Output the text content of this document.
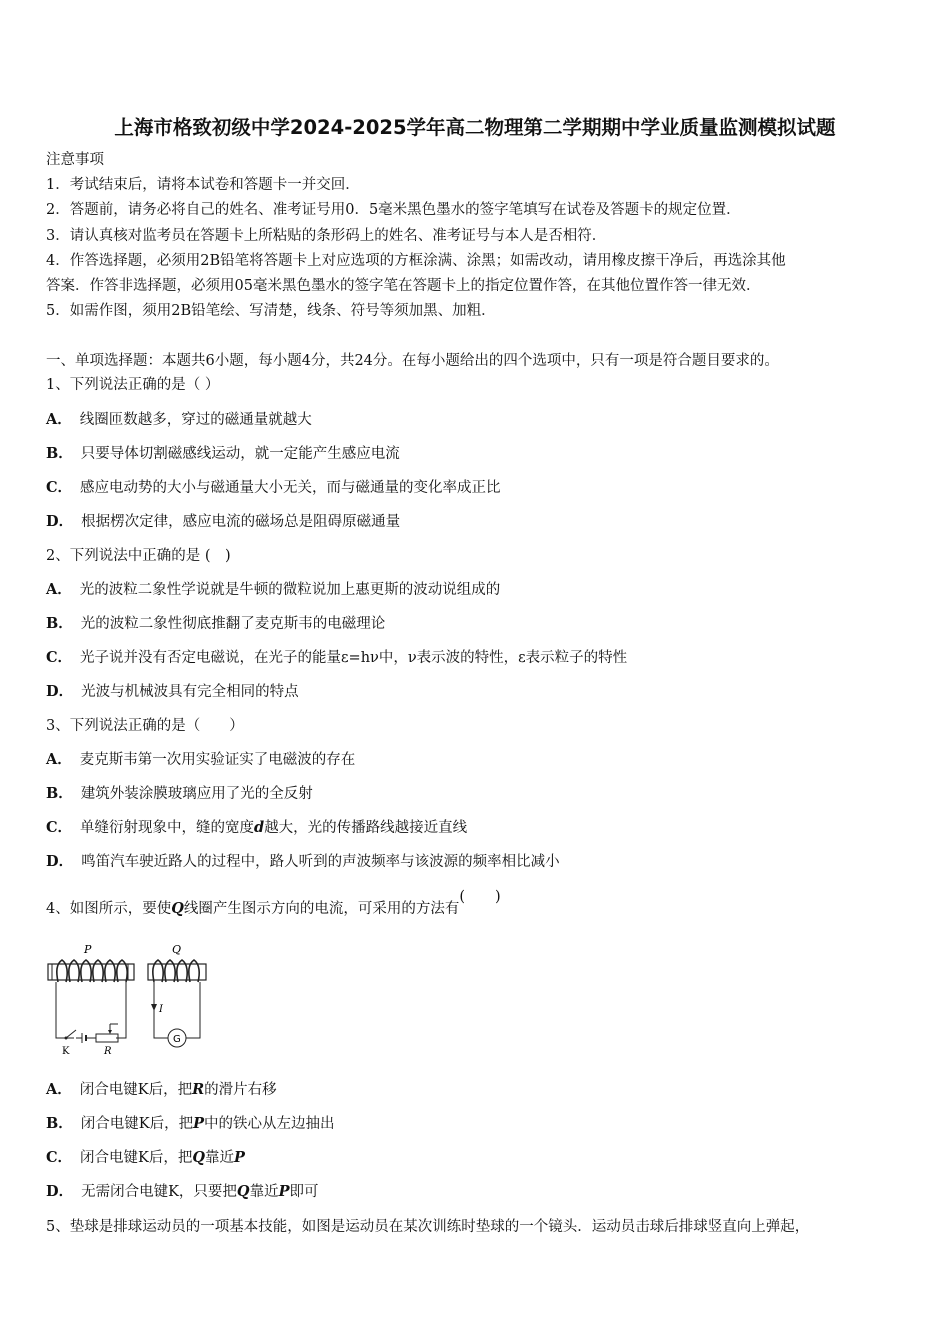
上海市格致初级中学2024-2025学年高二物理第二学期期中学业质量监测模拟试题
注意事项
1．考试结束后，请将本试卷和答题卡一并交回．
2．答题前，请务必将自己的姓名、准考证号用0．5毫米黑色墨水的签字笔填写在试卷及答题卡的规定位置．
3．请认真核对监考员在答题卡上所粘贴的条形码上的姓名、准考证号与本人是否相符．
4．作答选择题，必须用2B铅笔将答题卡上对应选项的方框涂满、涂黑；如需改动，请用橡皮擦干净后，再选涂其他
答案．作答非选择题，必须用05毫米黑色墨水的签字笔在答题卡上的指定位置作答，在其他位置作答一律无效．
5．如需作图，须用2B铅笔绘、写清楚，线条、符号等须加黑、加粗．
一、单项选择题：本题共6小题，每小题4分，共24分。在每小题给出的四个选项中，只有一项是符合题目要求的。
1、下列说法正确的是（ ）
A． 线圈匝数越多，穿过的磁通量就越大
B． 只要导体切割磁感线运动，就一定能产生感应电流
C． 感应电动势的大小与磁通量大小无关，而与磁通量的变化率成正比
D． 根据楞次定律，感应电流的磁场总是阻碍原磁通量
2、下列说法中正确的是 (　)
A． 光的波粒二象性学说就是牛顿的微粒说加上惠更斯的波动说组成的
B． 光的波粒二象性彻底推翻了麦克斯韦的电磁理论
C． 光子说并没有否定电磁说，在光子的能量ε=hν中，ν表示波的特性，ε表示粒子的特性
D． 光波与机械波具有完全相同的特点
3、下列说法正确的是（　　）
A． 麦克斯韦第一次用实验证实了电磁波的存在
B． 建筑外装涂膜玻璃应用了光的全反射
C． 单缝衍射现象中，缝的宽度d越大，光的传播路线越接近直线
D． 鸣笛汽车驶近路人的过程中，路人听到的声波频率与该波源的频率相比减小
4、如图所示，要使Q线圈产生图示方向的电流，可采用的方法有()
P
K	R
Q
G
I
A． 闭合电键K后，把R的滑片右移
B． 闭合电键K后，把P中的铁心从左边抽出
C． 闭合电键K后，把Q靠近P
D． 无需闭合电键K，只要把Q靠近P即可
5、垫球是排球运动员的一项基本技能，如图是运动员在某次训练时垫球的一个镜头．运动员击球后排球竖直向上弹起，
